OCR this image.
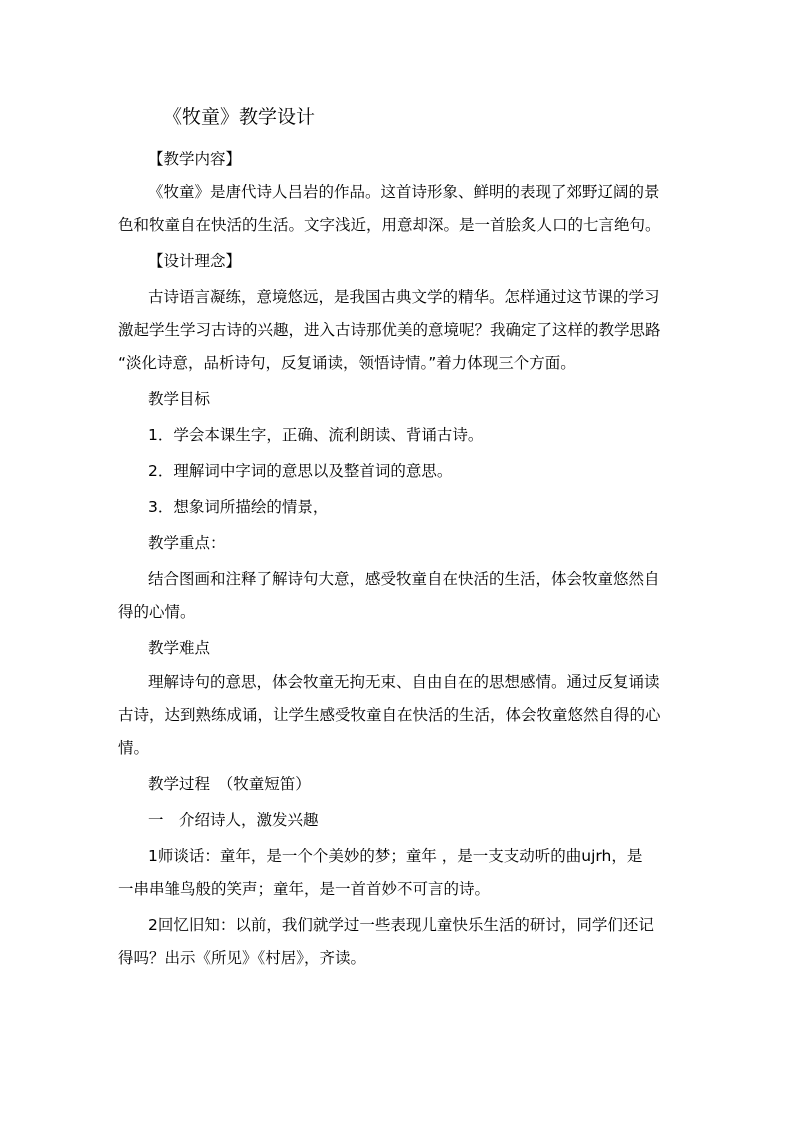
《牧童》教学设计
【教学内容】
《牧童》是唐代诗人吕岩的作品。这首诗形象、鲜明的表现了郊野辽阔的景
色和牧童自在快活的生活。文字浅近，用意却深。是一首脍炙人口的七言绝句。
【设计理念】
古诗语言凝练，意境悠远，是我国古典文学的精华。怎样通过这节课的学习
激起学生学习古诗的兴趣，进入古诗那优美的意境呢？我确定了这样的教学思路
“淡化诗意，品析诗句，反复诵读，领悟诗情。”着力体现三个方面。
教学目标
1．学会本课生字，正确、流利朗读、背诵古诗。
2．理解词中字词的意思以及整首词的意思。
3．想象词所描绘的情景，
教学重点：
结合图画和注释了解诗句大意，感受牧童自在快活的生活，体会牧童悠然自
得的心情。
教学难点
理解诗句的意思，体会牧童无拘无束、自由自在的思想感情。通过反复诵读
古诗，达到熟练成诵，让学生感受牧童自在快活的生活，体会牧童悠然自得的心
情。
教学过程　（牧童短笛）
一　介绍诗人，激发兴趣
1师谈话：童年，是一个个美妙的梦；童年 ，是一支支动听的曲ujrh，是
一串串雏鸟般的笑声；童年，是一首首妙不可言的诗。
2回忆旧知：以前，我们就学过一些表现儿童快乐生活的研讨，同学们还记
得吗？出示《所见》《村居》，齐读。
